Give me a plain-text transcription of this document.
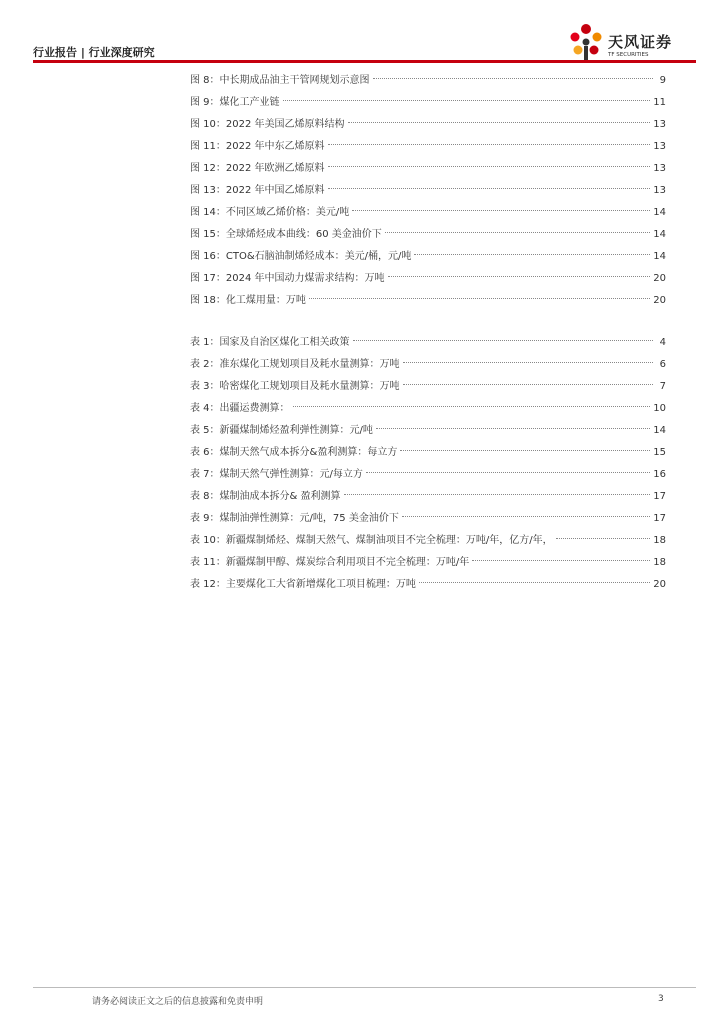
行业报告 | 行业深度研究
天风证券
TF SECURITIES
图 8：中长期成品油主干管网规划示意图	9
图 9：煤化工产业链	11
图 10：2022 年美国乙烯原料结构	13
图 11：2022 年中东乙烯原料	13
图 12：2022 年欧洲乙烯原料	13
图 13：2022 年中国乙烯原料	13
图 14：不同区域乙烯价格：美元/吨	14
图 15：全球烯烃成本曲线：60 美金油价下	14
图 16：CTO&石脑油制烯烃成本：美元/桶，元/吨	14
图 17：2024 年中国动力煤需求结构：万吨	20
图 18：化工煤用量：万吨	20
表 1：国家及自治区煤化工相关政策	4
表 2：准东煤化工规划项目及耗水量测算：万吨	6
表 3：哈密煤化工规划项目及耗水量测算：万吨	7
表 4：出疆运费测算：	10
表 5：新疆煤制烯烃盈利弹性测算：元/吨	14
表 6：煤制天然气成本拆分&盈利测算：每立方	15
表 7：煤制天然气弹性测算：元/每立方	16
表 8：煤制油成本拆分& 盈利测算	17
表 9：煤制油弹性测算：元/吨，75 美金油价下	17
表 10：新疆煤制烯烃、煤制天然气、煤制油项目不完全梳理：万吨/年，亿方/年，	18
表 11：新疆煤制甲醇、煤炭综合利用项目不完全梳理：万吨/年	18
表 12：主要煤化工大省新增煤化工项目梳理：万吨	20
请务必阅读正文之后的信息披露和免责申明	3
